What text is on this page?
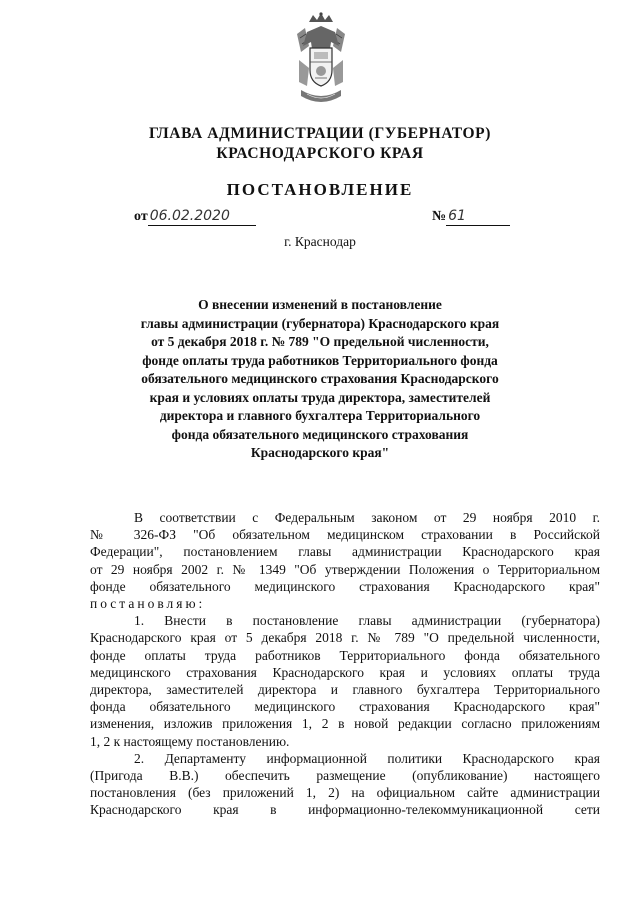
ГЛАВА АДМИНИСТРАЦИИ (ГУБЕРНАТОР)
КРАСНОДАРСКОГО КРАЯ
ПОСТАНОВЛЕНИЕ
от 06.02.2020	№ 61
г. Краснодар
О внесении изменений в постановление
главы администрации (губернатора) Краснодарского края
от 5 декабря 2018 г. № 789 "О предельной численности,
фонде оплаты труда работников Территориального фонда
обязательного медицинского страхования Краснодарского
края и условиях оплаты труда директора, заместителей
директора и главного бухгалтера Территориального
фонда обязательного медицинского страхования
Краснодарского края"
В соответствии с Федеральным законом от 29 ноября 2010 г.
№ 326-ФЗ "Об обязательном медицинском страховании в Российской
Федерации", постановлением главы администрации Краснодарского края
от 29 ноября 2002 г. № 1349 "Об утверждении Положения о Территориальном
фонде обязательного медицинского страхования Краснодарского края"
постановляю:
1. Внести в постановление главы администрации (губернатора)
Краснодарского края от 5 декабря 2018 г. № 789 "О предельной численности,
фонде оплаты труда работников Территориального фонда обязательного
медицинского страхования Краснодарского края и условиях оплаты труда
директора, заместителей директора и главного бухгалтера Территориального
фонда обязательного медицинского страхования Краснодарского края"
изменения, изложив приложения 1, 2 в новой редакции согласно приложениям
1, 2 к настоящему постановлению.
2. Департаменту информационной политики Краснодарского края
(Пригода В.В.) обеспечить размещение (опубликование) настоящего
постановления (без приложений 1, 2) на официальном сайте администрации
Краснодарского края в информационно-телекоммуникационной сети
